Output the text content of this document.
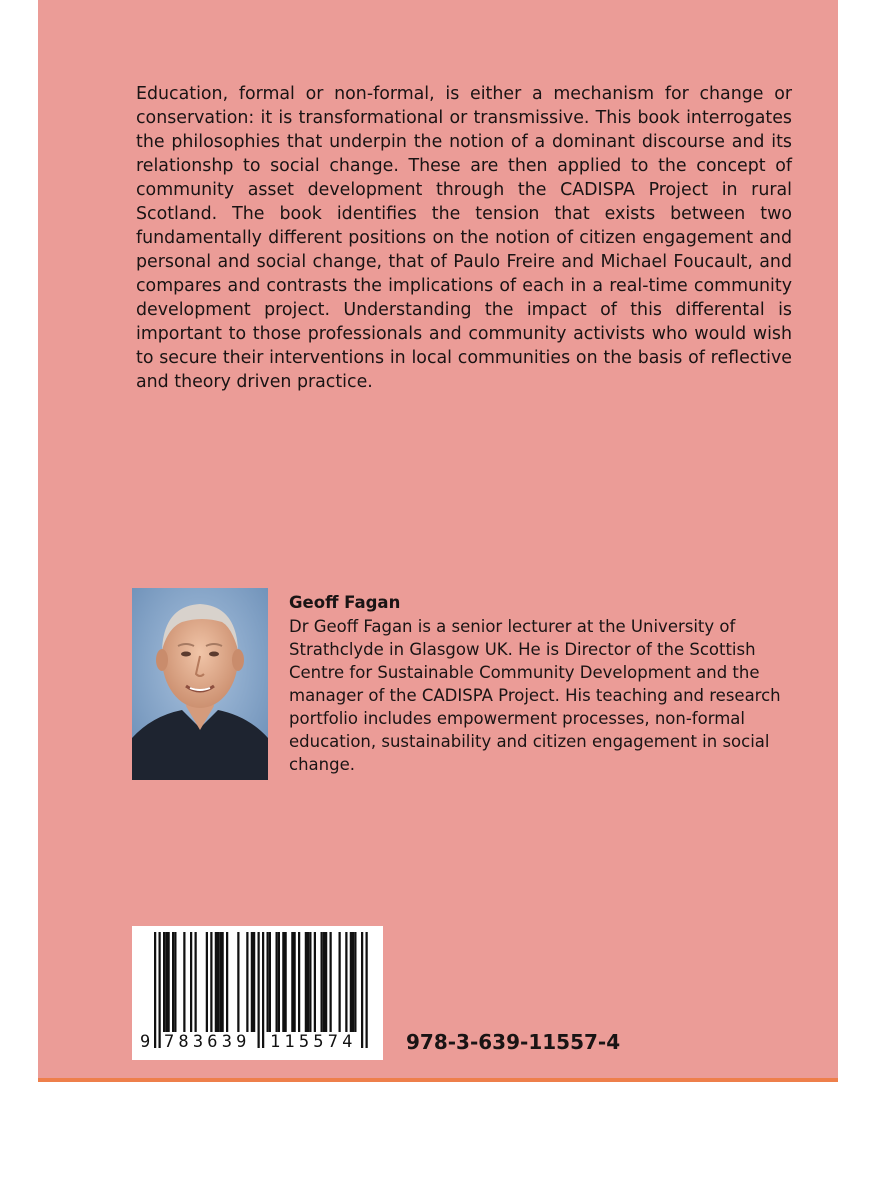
Education, formal or non-formal, is either a mechanism for change or conservation: it is transformational or transmissive. This book interrogates the philosophies that underpin the notion of a dominant discourse and its relationshp to social change. These are then applied to the concept of community asset development through the CADISPA Project in rural Scotland. The book identifies the tension that exists between two fundamentally different positions on the notion of citizen engagement and personal and social change, that of Paulo Freire and Michael Foucault, and compares and contrasts the implications of each in a real-time community development project. Understanding the impact of this differental is important to those professionals and community activists who would wish to secure their interventions in local communities on the basis of reflective and theory driven practice.

Geoff Fagan

Dr Geoff Fagan is a senior lecturer at the University of Strathclyde in Glasgow UK. He is Director of the Scottish Centre for Sustainable Community Development and the manager of the CADISPA Project. His teaching and research portfolio includes empowerment processes, non-formal education, sustainability and citizen engagement in social change.

9 783639 115574 978-3-639-11557-4
